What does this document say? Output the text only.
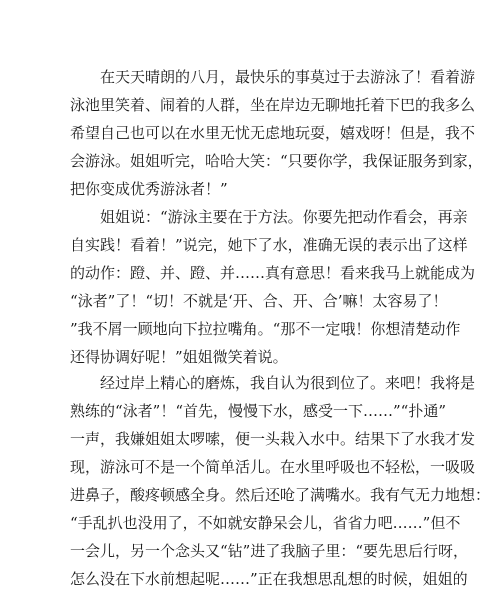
在天天晴朗的八月，最快乐的事莫过于去游泳了！看着游
泳池里笑着、闹着的人群，坐在岸边无聊地托着下巴的我多么
希望自己也可以在水里无忧无虑地玩耍，嬉戏呀！但是，我不
会游泳。姐姐听完，哈哈大笑：“只要你学，我保证服务到家，
把你变成优秀游泳者！”
姐姐说：“游泳主要在于方法。你要先把动作看会，再亲
自实践！看着！”说完，她下了水，准确无误的表示出了这样
的动作：蹬、并、蹬、并……真有意思！看来我马上就能成为
“泳者”了！“切！不就是‘开、合、开、合’嘛！太容易了！
”我不屑一顾地向下拉拉嘴角。“那不一定哦！你想清楚动作
还得协调好呢！”姐姐微笑着说。
经过岸上精心的磨炼，我自认为很到位了。来吧！我将是
熟练的“泳者”！“首先，慢慢下水，感受一下……”“扑通”
一声，我嫌姐姐太啰嗦，便一头栽入水中。结果下了水我才发
现，游泳可不是一个简单活儿。在水里呼吸也不轻松，一吸吸
进鼻子，酸疼顿感全身。然后还呛了满嘴水。我有气无力地想：
“手乱扒也没用了，不如就安静呆会儿，省省力吧……”但不
一会儿，另一个念头又“钻”进了我脑子里：“要先思后行呀，
怎么没在下水前想起呢……”正在我想思乱想的时候，姐姐的
